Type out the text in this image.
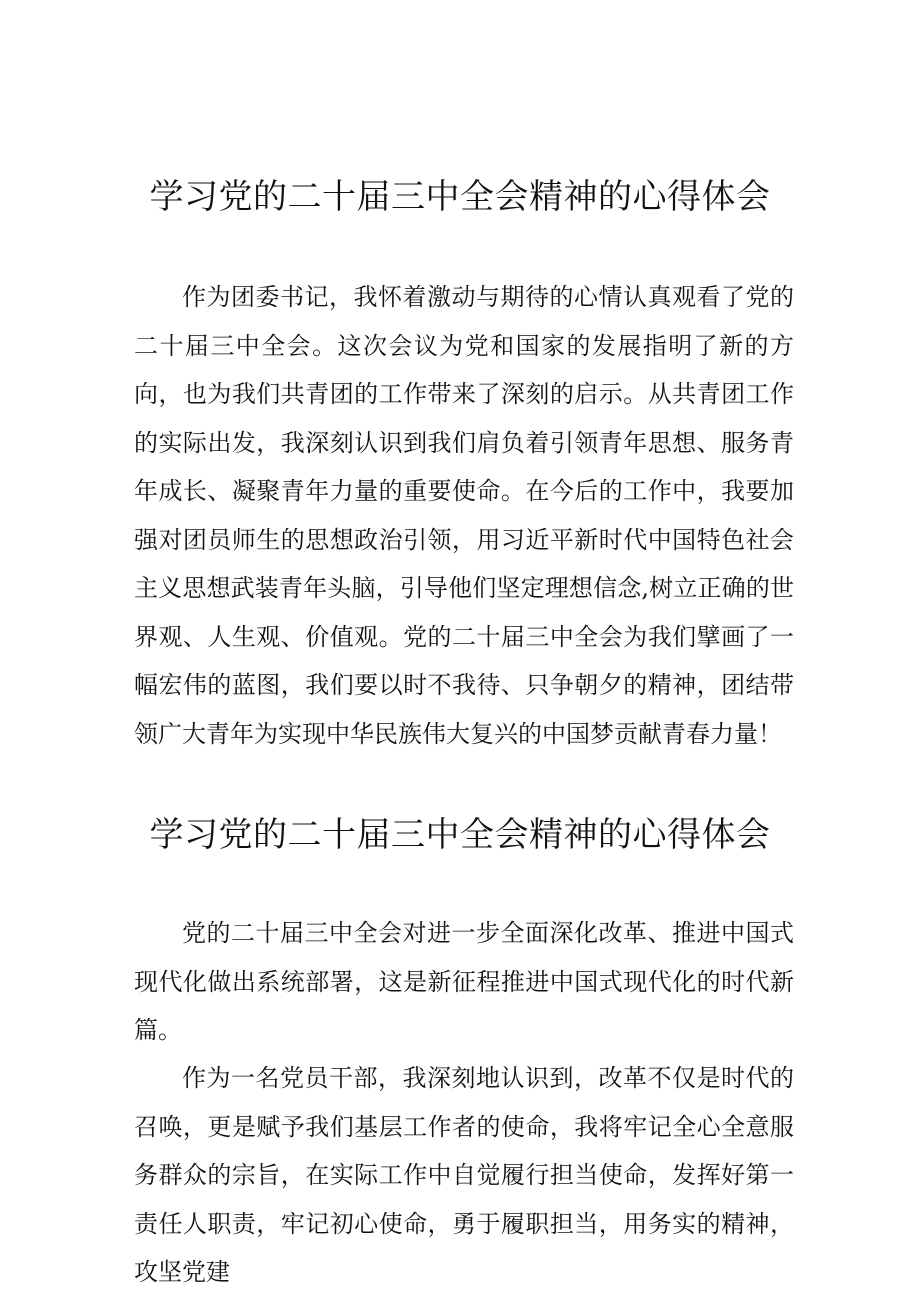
学习党的二十届三中全会精神的心得体会

作为团委书记，我怀着激动与期待的心情认真观看了党的二十届三中全会。这次会议为党和国家的发展指明了新的方向，也为我们共青团的工作带来了深刻的启示。从共青团工作的实际出发，我深刻认识到我们肩负着引领青年思想、服务青年成长、凝聚青年力量的重要使命。在今后的工作中，我要加强对团员师生的思想政治引领，用习近平新时代中国特色社会主义思想武装青年头脑，引导他们坚定理想信念,树立正确的世界观、人生观、价值观。党的二十届三中全会为我们擘画了一幅宏伟的蓝图，我们要以时不我待、只争朝夕的精神，团结带领广大青年为实现中华民族伟大复兴的中国梦贡献青春力量！

学习党的二十届三中全会精神的心得体会

党的二十届三中全会对进一步全面深化改革、推进中国式现代化做出系统部署，这是新征程推进中国式现代化的时代新篇。

作为一名党员干部，我深刻地认识到，改革不仅是时代的召唤，更是赋予我们基层工作者的使命，我将牢记全心全意服务群众的宗旨，在实际工作中自觉履行担当使命，发挥好第一责任人职责，牢记初心使命，勇于履职担当，用务实的精神，攻坚党建
